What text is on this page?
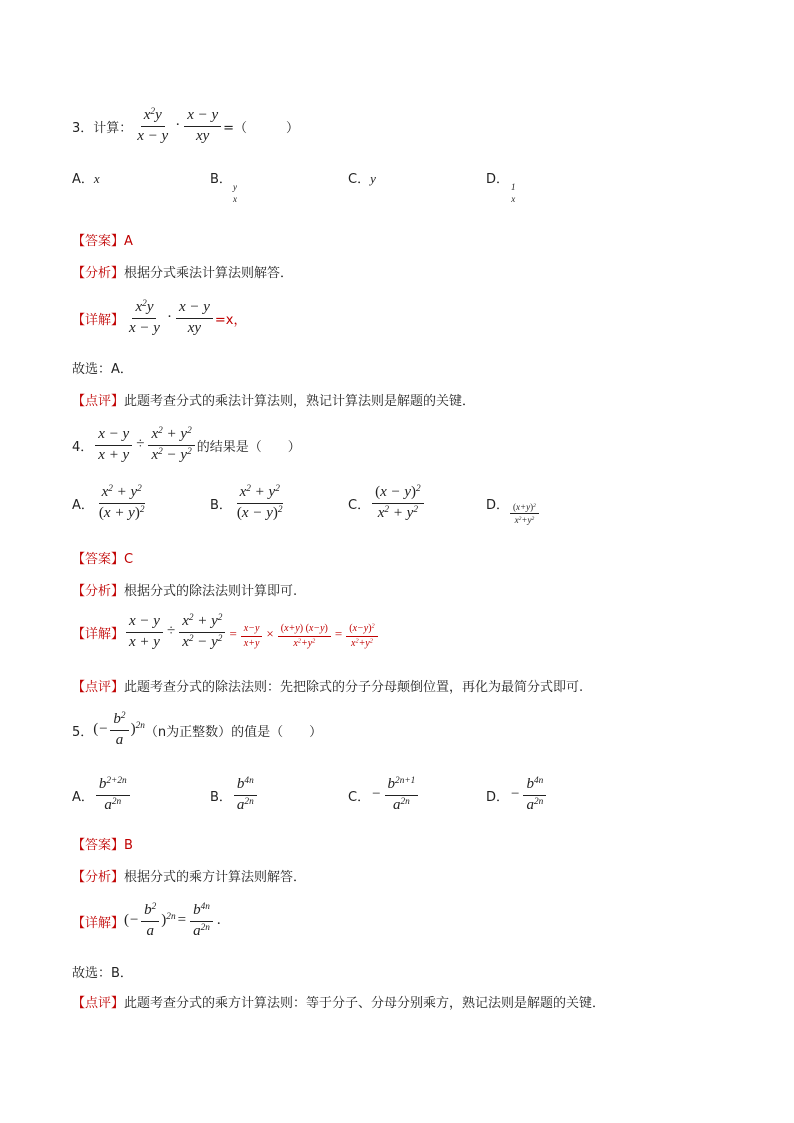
3．计算： $\frac{x^2y}{x - y} \cdot \frac{x - y}{xy}$ =（　　　）
A．x	B． y
x
C．y	D． 1
x
【答案】A
【分析】根据分式乘法计算法则解答．
【详解】 $\frac{x^2y}{x - y} \cdot \frac{x - y}{xy} =x$，
故选：A．
【点评】此题考查分式的乘法计算法则，熟记计算法则是解题的关键．
4． $\frac{x - y}{x + y} \div \frac{x^2 + y^2}{x^2 - y^2}$ 的结果是（　　）
A． $\frac{x^2 + y^2}{(x + y)^2}$	B． $\frac{x^2 + y^2}{(x - y)^2}$	C． $\frac{(x - y)^2}{x^2 + y^2}$	D． $\frac{(x+y)^2}{x^2+y^2}$
【答案】C
【分析】根据分式的除法法则计算即可.
【详解】 $\frac{x - y}{x + y} \div \frac{x^2 + y^2}{x^2 - y^2} = \frac{x-y}{x+y} \times \frac{(x+y) (x-y)}{x^2+y^2} = \frac{(x-y)^2}{x^2+y^2}$
【点评】此题考查分式的除法法则：先把除式的分子分母颠倒位置，再化为最简分式即可.
5． (− $\frac{b^2}{a} )^{2n}$ （n为正整数）的值是（　　）
A． $\frac{b^{2+2n}}{a^{2n}}$	B． $\frac{b^{4n}}{a^{2n}}$	C． − $\frac{b^{2n+1}}{a^{2n}}$	D． − $\frac{b^{4n}}{a^{2n}}$
【答案】B
【分析】根据分式的乘方计算法则解答．
【详解】 (− $\frac{b^2}{a} )^{2n} = \frac{b^{4n}}{a^{2n}}$ .
故选：B．
【点评】此题考查分式的乘方计算法则：等于分子、分母分别乘方，熟记法则是解题的关键．
